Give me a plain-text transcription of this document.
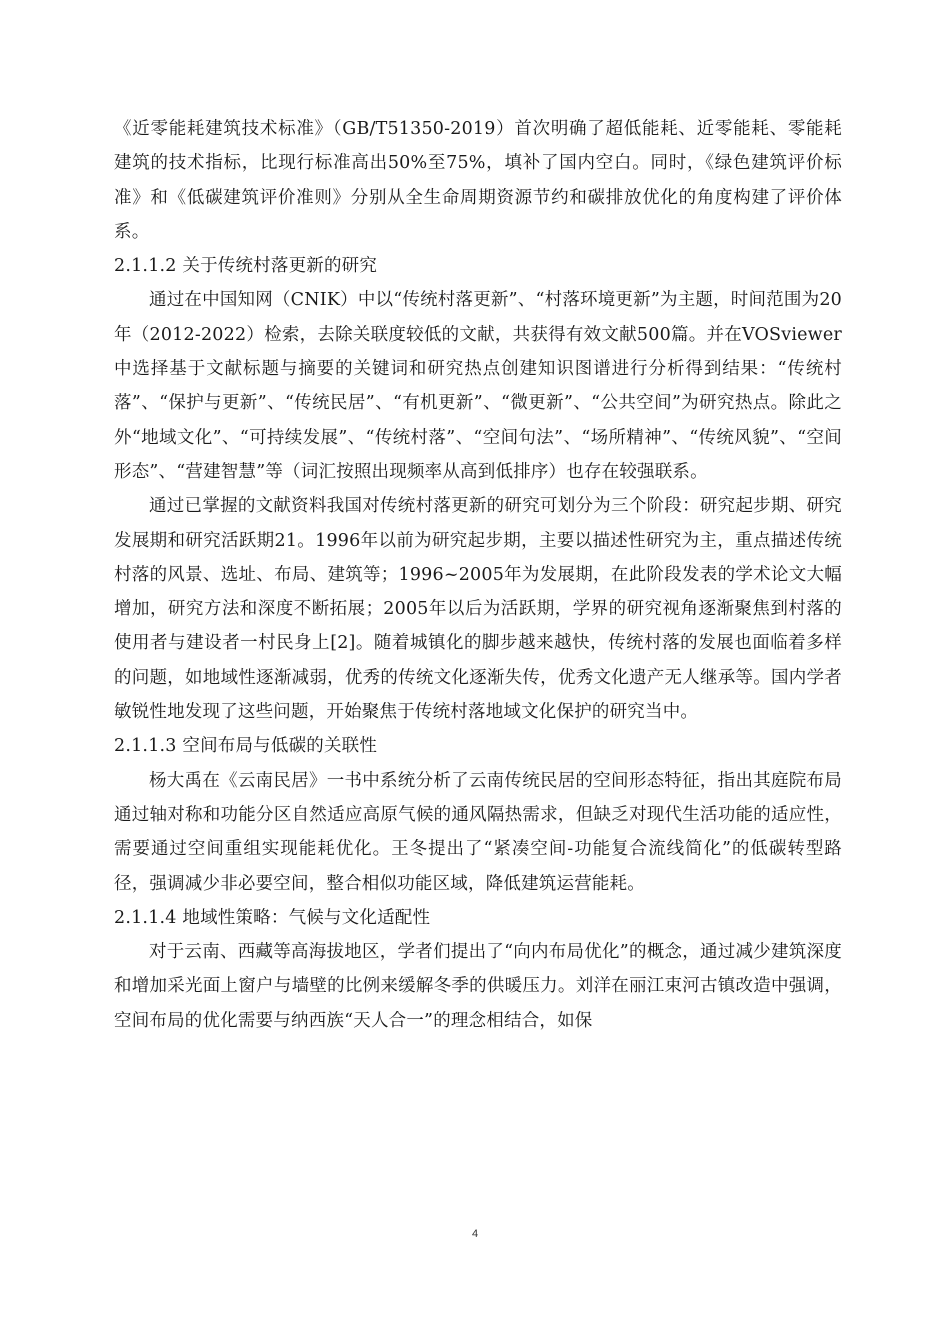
《近零能耗建筑技术标准》（GB/T51350-2019）首次明确了超低能耗、近零能耗、零能耗建筑的技术指标，比现行标准高出50%至75%，填补了国内空白。同时，《绿色建筑评价标准》和《低碳建筑评价准则》分别从全生命周期资源节约和碳排放优化的角度构建了评价体系。

2.1.1.2 关于传统村落更新的研究

通过在中国知网（CNIK）中以“传统村落更新”、“村落环境更新”为主题，时间范围为20年（2012-2022）检索，去除关联度较低的文献，共获得有效文献500篇。并在VOSviewer中选择基于文献标题与摘要的关键词和研究热点创建知识图谱进行分析得到结果：“传统村落”、“保护与更新”、“传统民居”、“有机更新”、“微更新”、“公共空间”为研究热点。除此之外“地域文化”、“可持续发展”、“传统村落”、“空间句法”、“场所精神”、“传统风貌”、“空间形态”、“营建智慧”等（词汇按照出现频率从高到低排序）也存在较强联系。

通过已掌握的文献资料我国对传统村落更新的研究可划分为三个阶段：研究起步期、研究发展期和研究活跃期21。1996年以前为研究起步期，主要以描述性研究为主，重点描述传统村落的风景、选址、布局、建筑等；1996~2005年为发展期，在此阶段发表的学术论文大幅增加，研究方法和深度不断拓展；2005年以后为活跃期，学界的研究视角逐渐聚焦到村落的使用者与建设者一村民身上[2]。随着城镇化的脚步越来越快，传统村落的发展也面临着多样的问题，如地域性逐渐减弱，优秀的传统文化逐渐失传，优秀文化遗产无人继承等。国内学者敏锐性地发现了这些问题，开始聚焦于传统村落地域文化保护的研究当中。

2.1.1.3 空间布局与低碳的关联性

杨大禹在《云南民居》一书中系统分析了云南传统民居的空间形态特征，指出其庭院布局通过轴对称和功能分区自然适应高原气候的通风隔热需求，但缺乏对现代生活功能的适应性，需要通过空间重组实现能耗优化。王冬提出了“紧凑空间-功能复合流线简化”的低碳转型路径，强调减少非必要空间，整合相似功能区域，降低建筑运营能耗。

2.1.1.4 地域性策略：气候与文化适配性

对于云南、西藏等高海拔地区，学者们提出了“向内布局优化”的概念，通过减少建筑深度和增加采光面上窗户与墙壁的比例来缓解冬季的供暖压力。刘洋在丽江束河古镇改造中强调，空间布局的优化需要与纳西族“天人合一”的理念相结合，如保

4
